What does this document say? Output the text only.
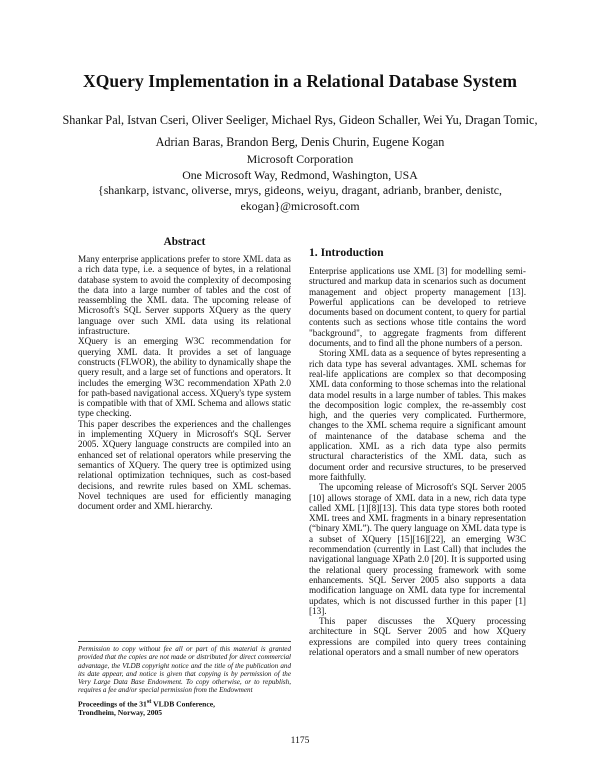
XQuery Implementation in a Relational Database System
Shankar Pal, Istvan Cseri, Oliver Seeliger, Michael Rys, Gideon Schaller, Wei Yu, Dragan Tomic,
Adrian Baras, Brandon Berg, Denis Churin, Eugene Kogan
Microsoft Corporation
One Microsoft Way, Redmond, Washington, USA
{shankarp, istvanc, oliverse, mrys, gideons, weiyu, dragant, adrianb, branber, denistc,
ekogan}@microsoft.com
Abstract

Many enterprise applications prefer to store XML data as a rich data type, i.e. a sequence of bytes, in a relational database system to avoid the complexity of decomposing the data into a large number of tables and the cost of reassembling the XML data. The upcoming release of Microsoft's SQL Server supports XQuery as the query language over such XML data using its relational infrastructure.

XQuery is an emerging W3C recommendation for querying XML data. It provides a set of language constructs (FLWOR), the ability to dynamically shape the query result, and a large set of functions and operators. It includes the emerging W3C recommendation XPath 2.0 for path-based navigational access. XQuery's type system is compatible with that of XML Schema and allows static type checking.

This paper describes the experiences and the challenges in implementing XQuery in Microsoft's SQL Server 2005. XQuery language constructs are compiled into an enhanced set of relational operators while preserving the semantics of XQuery. The query tree is optimized using relational optimization techniques, such as cost-based decisions, and rewrite rules based on XML schemas. Novel techniques are used for efficiently managing document order and XML hierarchy.

Permission to copy without fee all or part of this material is granted provided that the copies are not made or distributed for direct commercial advantage, the VLDB copyright notice and the title of the publication and its date appear, and notice is given that copying is by permission of the Very Large Data Base Endowment. To copy otherwise, or to republish, requires a fee and/or special permission from the Endowment

Proceedings of the 31st VLDB Conference,
Trondheim, Norway, 2005

1. Introduction

Enterprise applications use XML [3] for modelling semi-structured and markup data in scenarios such as document management and object property management [13]. Powerful applications can be developed to retrieve documents based on document content, to query for partial contents such as sections whose title contains the word "background", to aggregate fragments from different documents, and to find all the phone numbers of a person.

Storing XML data as a sequence of bytes representing a rich data type has several advantages. XML schemas for real-life applications are complex so that decomposing XML data conforming to those schemas into the relational data model results in a large number of tables. This makes the decomposition logic complex, the re-assembly cost high, and the queries very complicated. Furthermore, changes to the XML schema require a significant amount of maintenance of the database schema and the application. XML as a rich data type also permits structural characteristics of the XML data, such as document order and recursive structures, to be preserved more faithfully.

The upcoming release of Microsoft's SQL Server 2005 [10] allows storage of XML data in a new, rich data type called XML [1][8][13]. This data type stores both rooted XML trees and XML fragments in a binary representation (“binary XML”). The query language on XML data type is a subset of XQuery [15][16][22], an emerging W3C recommendation (currently in Last Call) that includes the navigational language XPath 2.0 [20]. It is supported using the relational query processing framework with some enhancements. SQL Server 2005 also supports a data modification language on XML data type for incremental updates, which is not discussed further in this paper [1][13].

This paper discusses the XQuery processing architecture in SQL Server 2005 and how XQuery expressions are compiled into query trees containing relational operators and a small number of new operators

1175
